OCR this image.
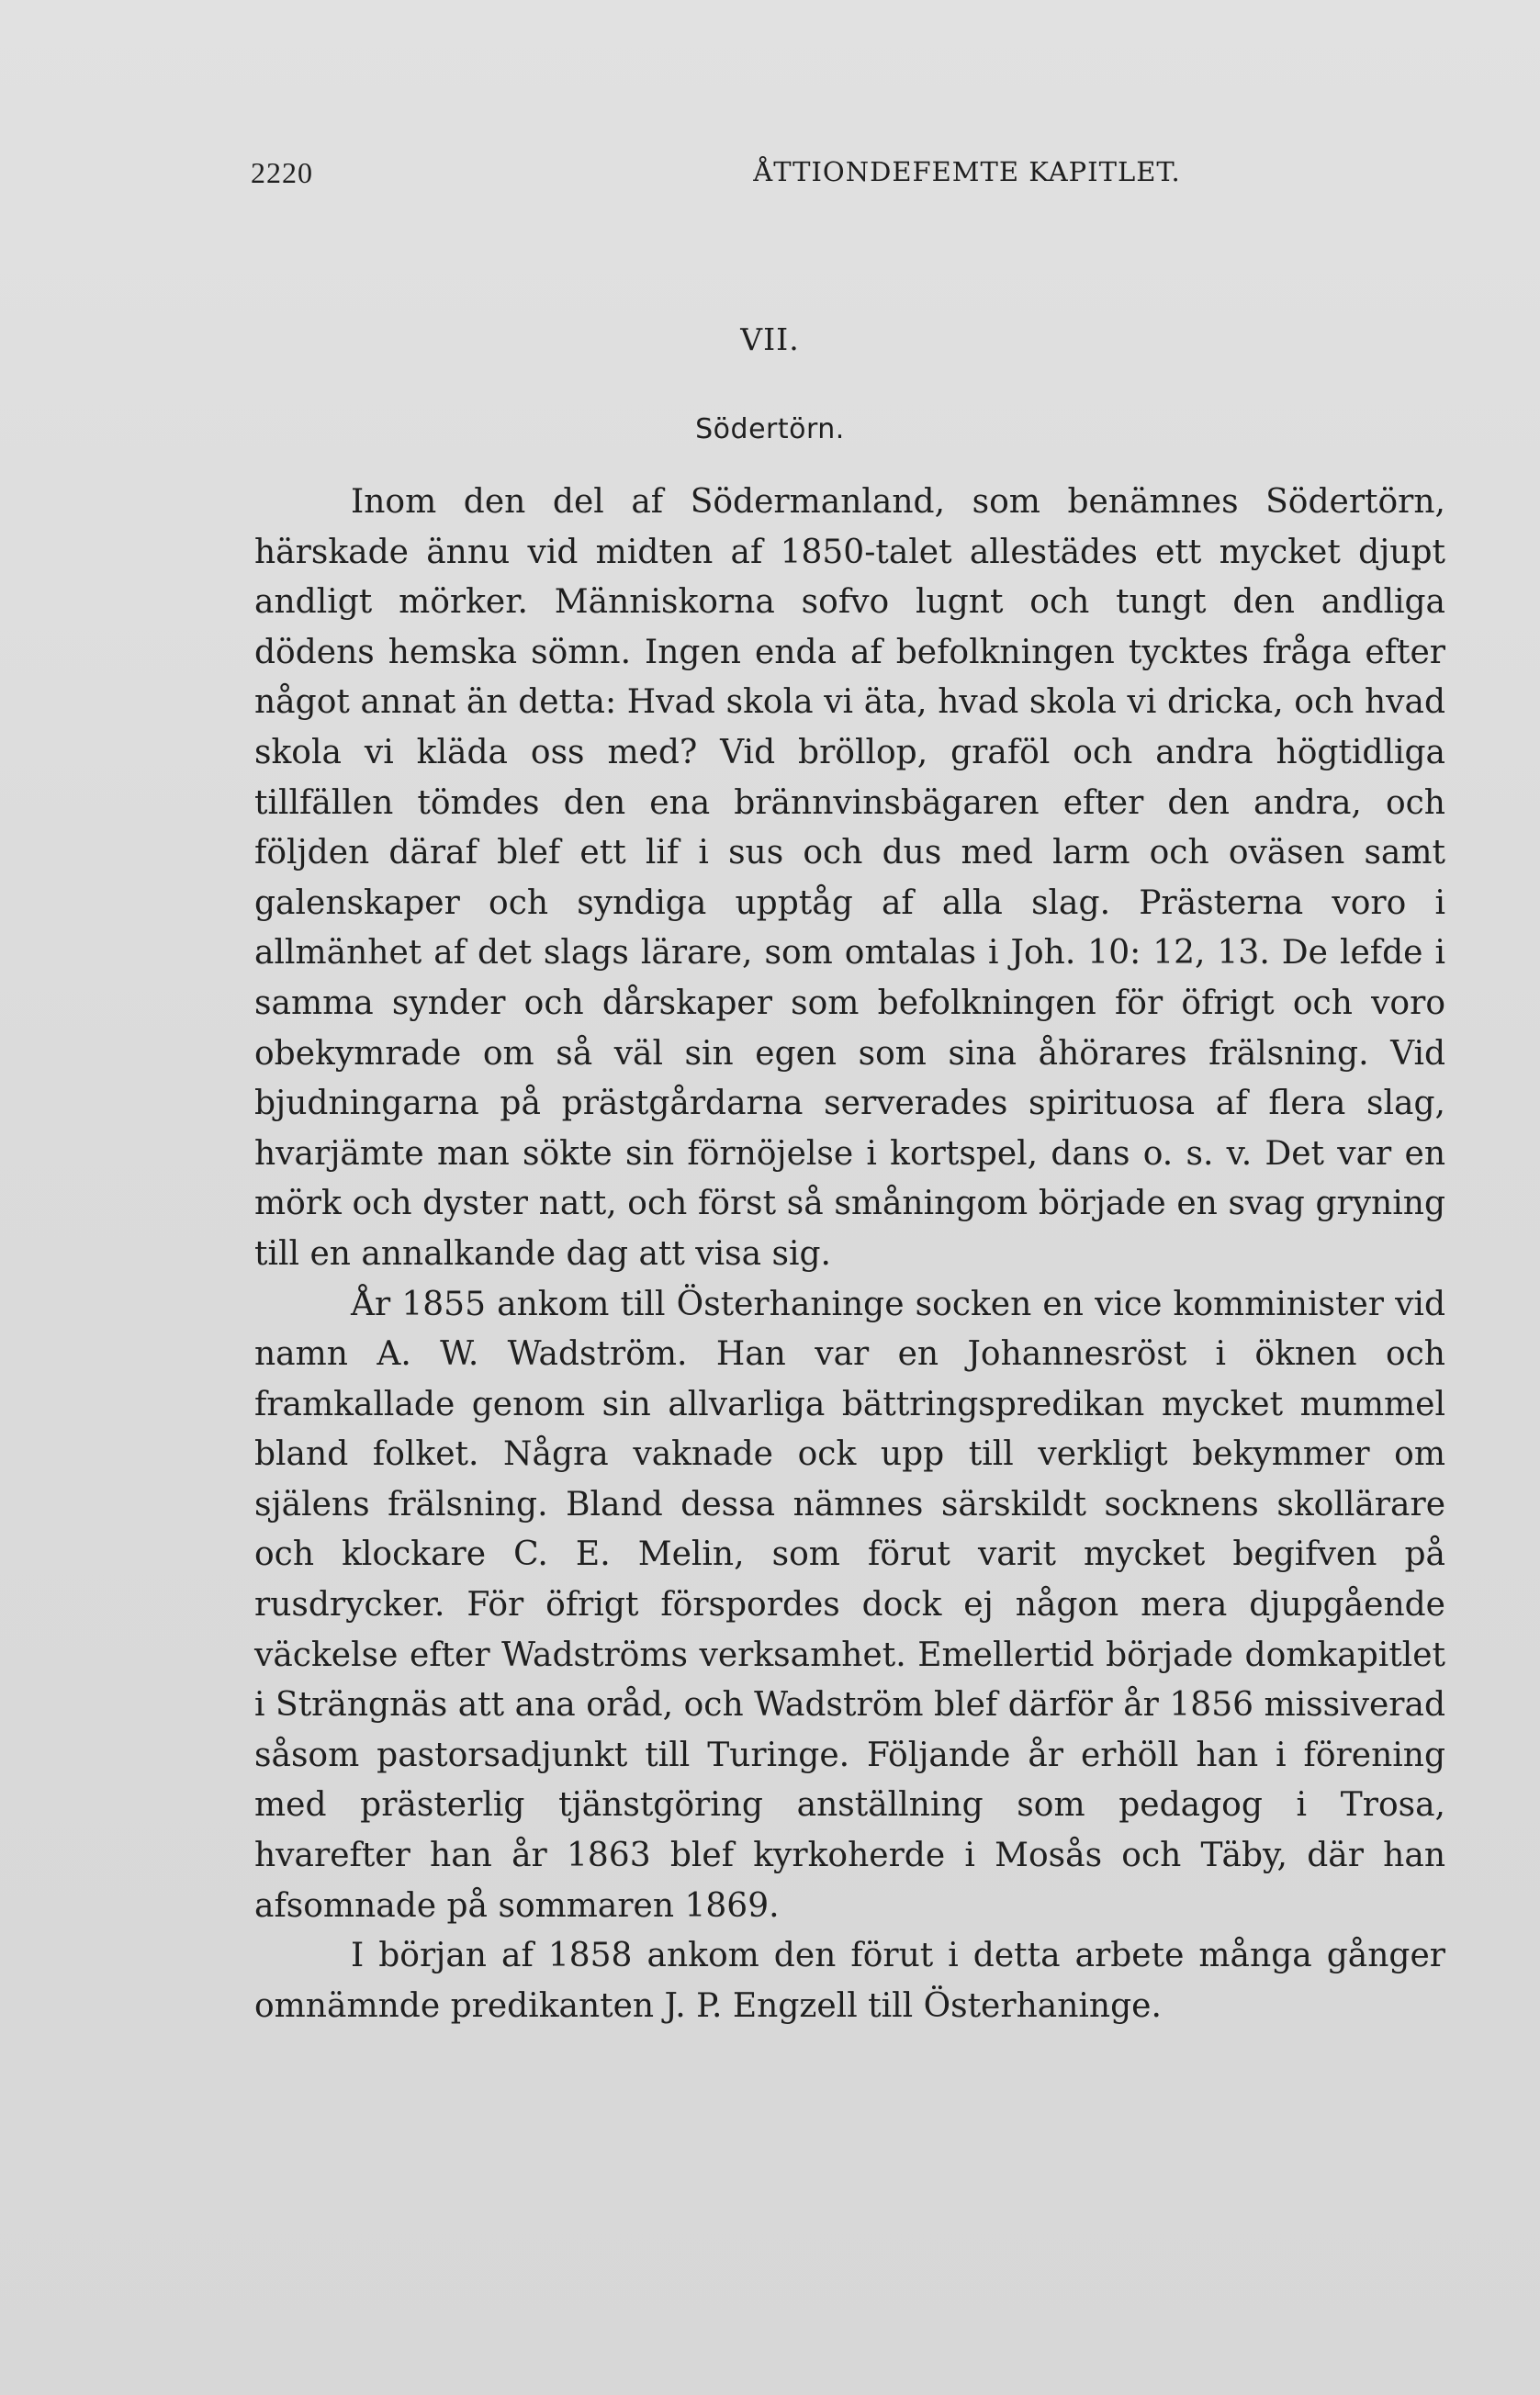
2220	ÅTTIONDEFEMTE KAPITLET.
VII.
Södertörn.

Inom den del af Södermanland, som benämnes Södertörn, härskade ännu vid midten af 1850-talet allestädes ett mycket djupt andligt mörker. Människorna sofvo lugnt och tungt den andliga dödens hemska sömn. Ingen enda af befolkningen tycktes fråga efter något annat än detta: Hvad skola vi äta, hvad skola vi dricka, och hvad skola vi kläda oss med? Vid bröllop, graföl och andra högtidliga tillfällen tömdes den ena brännvinsbägaren efter den andra, och följden däraf blef ett lif i sus och dus med larm och oväsen samt galenskaper och syndiga upptåg af alla slag. Prästerna voro i allmänhet af det slags lärare, som omtalas i Joh. 10: 12, 13. De lefde i samma synder och dårskaper som befolkningen för öfrigt och voro obekymrade om så väl sin egen som sina åhörares frälsning. Vid bjudningarna på prästgårdarna serverades spirituosa af flera slag, hvarjämte man sökte sin förnöjelse i kortspel, dans o. s. v. Det var en mörk och dyster natt, och först så småningom började en svag gryning till en annalkande dag att visa sig.

År 1855 ankom till Österhaninge socken en vice komminister vid namn A. W. Wadström. Han var en Johannesröst i öknen och framkallade genom sin allvarliga bättringspredikan mycket mummel bland folket. Några vaknade ock upp till verkligt bekymmer om själens frälsning. Bland dessa nämnes särskildt socknens skollärare och klockare C. E. Melin, som förut varit mycket begifven på rusdrycker. För öfrigt förspordes dock ej någon mera djupgående väckelse efter Wadströms verksamhet. Emellertid började domkapitlet i Strängnäs att ana oråd, och Wadström blef därför år 1856 missiverad såsom pastorsadjunkt till Turinge. Följande år erhöll han i förening med prästerlig tjänstgöring anställning som pedagog i Trosa, hvarefter han år 1863 blef kyrkoherde i Mosås och Täby, där han afsomnade på sommaren 1869.

I början af 1858 ankom den förut i detta arbete många gånger omnämnde predikanten J. P. Engzell till Österhaninge.
